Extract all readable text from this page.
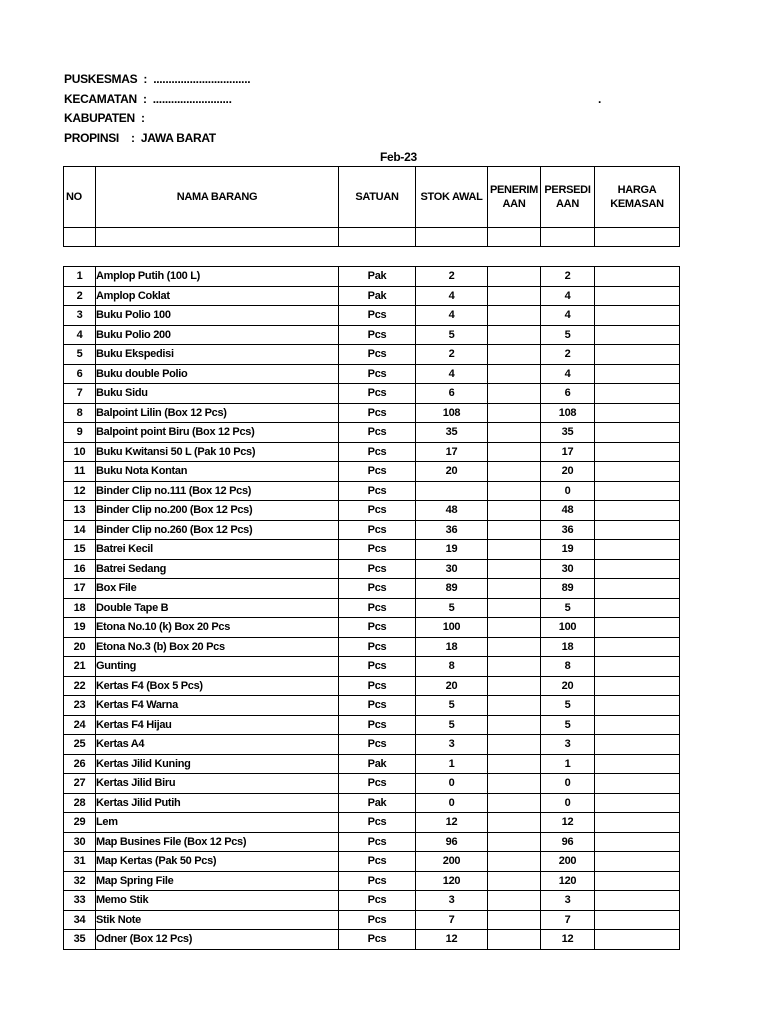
PUSKESMAS  :  ................................
KECAMATAN  :  ..........................	.
KABUPATEN  :
PROPINSI :  JAWA BARAT
Feb-23
NO	NAMA BARANG	SATUAN	STOK AWAL	PENERIM AAN	PERSEDI AAN	HARGA KEMASAN

1	Amplop Putih (100 L)	Pak	2		2	
2	Amplop Coklat	Pak	4		4	
3	Buku Polio 100	Pcs	4		4	
4	Buku Polio 200	Pcs	5		5	
5	Buku Ekspedisi	Pcs	2		2	
6	Buku double Polio	Pcs	4		4	
7	Buku Sidu	Pcs	6		6	
8	Balpoint Lilin (Box 12 Pcs)	Pcs	108		108	
9	Balpoint point Biru (Box 12 Pcs)	Pcs	35		35	
10	Buku Kwitansi 50 L (Pak 10 Pcs)	Pcs	17		17	
11	Buku Nota Kontan	Pcs	20		20	
12	Binder Clip no.111 (Box 12 Pcs)	Pcs			0	
13	Binder Clip no.200 (Box 12 Pcs)	Pcs	48		48	
14	Binder Clip no.260 (Box 12 Pcs)	Pcs	36		36	
15	Batrei Kecil	Pcs	19		19	
16	Batrei Sedang	Pcs	30		30	
17	Box File	Pcs	89		89	
18	Double Tape B	Pcs	5		5	
19	Etona No.10 (k) Box 20 Pcs	Pcs	100		100	
20	Etona No.3 (b) Box 20 Pcs	Pcs	18		18	
21	Gunting	Pcs	8		8	
22	Kertas F4 (Box 5 Pcs)	Pcs	20		20	
23	Kertas F4 Warna	Pcs	5		5	
24	Kertas F4 Hijau	Pcs	5		5	
25	Kertas A4	Pcs	3		3	
26	Kertas Jilid Kuning	Pak	1		1	
27	Kertas Jilid Biru	Pcs	0		0	
28	Kertas Jilid Putih	Pak	0		0	
29	Lem	Pcs	12		12	
30	Map Busines File (Box 12 Pcs)	Pcs	96		96	
31	Map Kertas (Pak 50 Pcs)	Pcs	200		200	
32	Map Spring File	Pcs	120		120	
33	Memo Stik	Pcs	3		3	
34	Stik Note	Pcs	7		7	
35	Odner (Box 12 Pcs)	Pcs	12		12	
